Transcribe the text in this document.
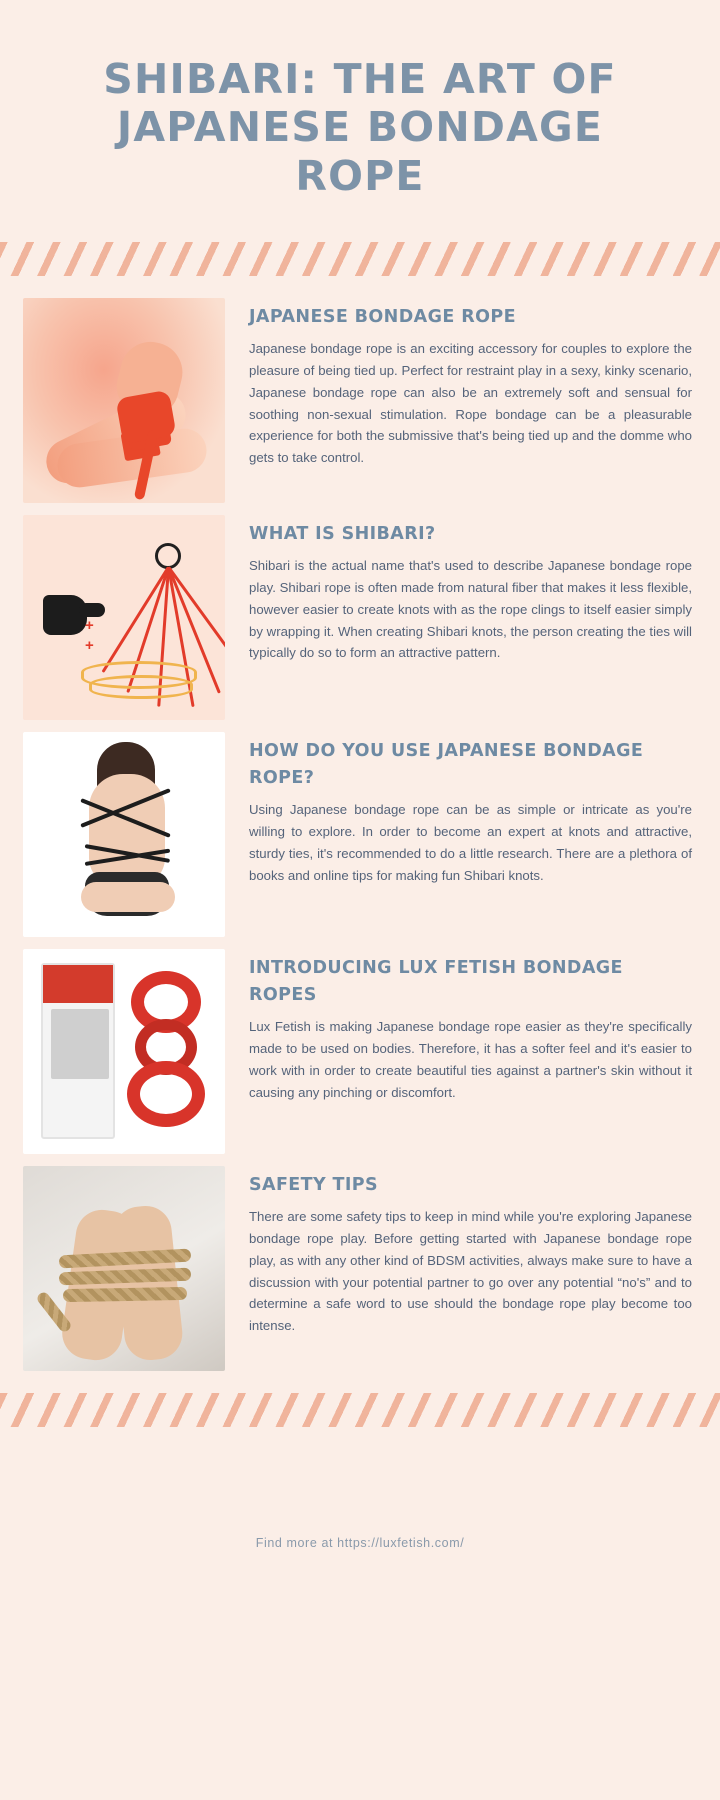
SHIBARI: THE ART OF JAPANESE BONDAGE ROPE
JAPANESE BONDAGE ROPE
Japanese bondage rope is an exciting accessory for couples to explore the pleasure of being tied up. Perfect for restraint play in a sexy, kinky scenario, Japanese bondage rope can also be an extremely soft and sensual for soothing non-sexual stimulation. Rope bondage can be a pleasurable experience for both the submissive that's being tied up and the domme who gets to take control.
+
+
WHAT IS SHIBARI?
Shibari is the actual name that's used to describe Japanese bondage rope play. Shibari rope is often made from natural fiber that makes it less flexible, however easier to create knots with as the rope clings to itself easier simply by wrapping it. When creating Shibari knots, the person creating the ties will typically do so to form an attractive pattern.
HOW DO YOU USE JAPANESE BONDAGE ROPE?
Using Japanese bondage rope can be as simple or intricate as you're willing to explore. In order to become an expert at knots and attractive, sturdy ties, it's recommended to do a little research. There are a plethora of books and online tips for making fun Shibari knots.
INTRODUCING LUX FETISH BONDAGE ROPES
Lux Fetish is making Japanese bondage rope easier as they're specifically made to be used on bodies. Therefore, it has a softer feel and it's easier to work with in order to create beautiful ties against a partner's skin without it causing any pinching or discomfort.
SAFETY TIPS
There are some safety tips to keep in mind while you're exploring Japanese bondage rope play. Before getting started with Japanese bondage rope play, as with any other kind of BDSM activities, always make sure to have a discussion with your potential partner to go over any potential “no's” and to determine a safe word to use should the bondage rope play become too intense.
Find more at https://luxfetish.com/
